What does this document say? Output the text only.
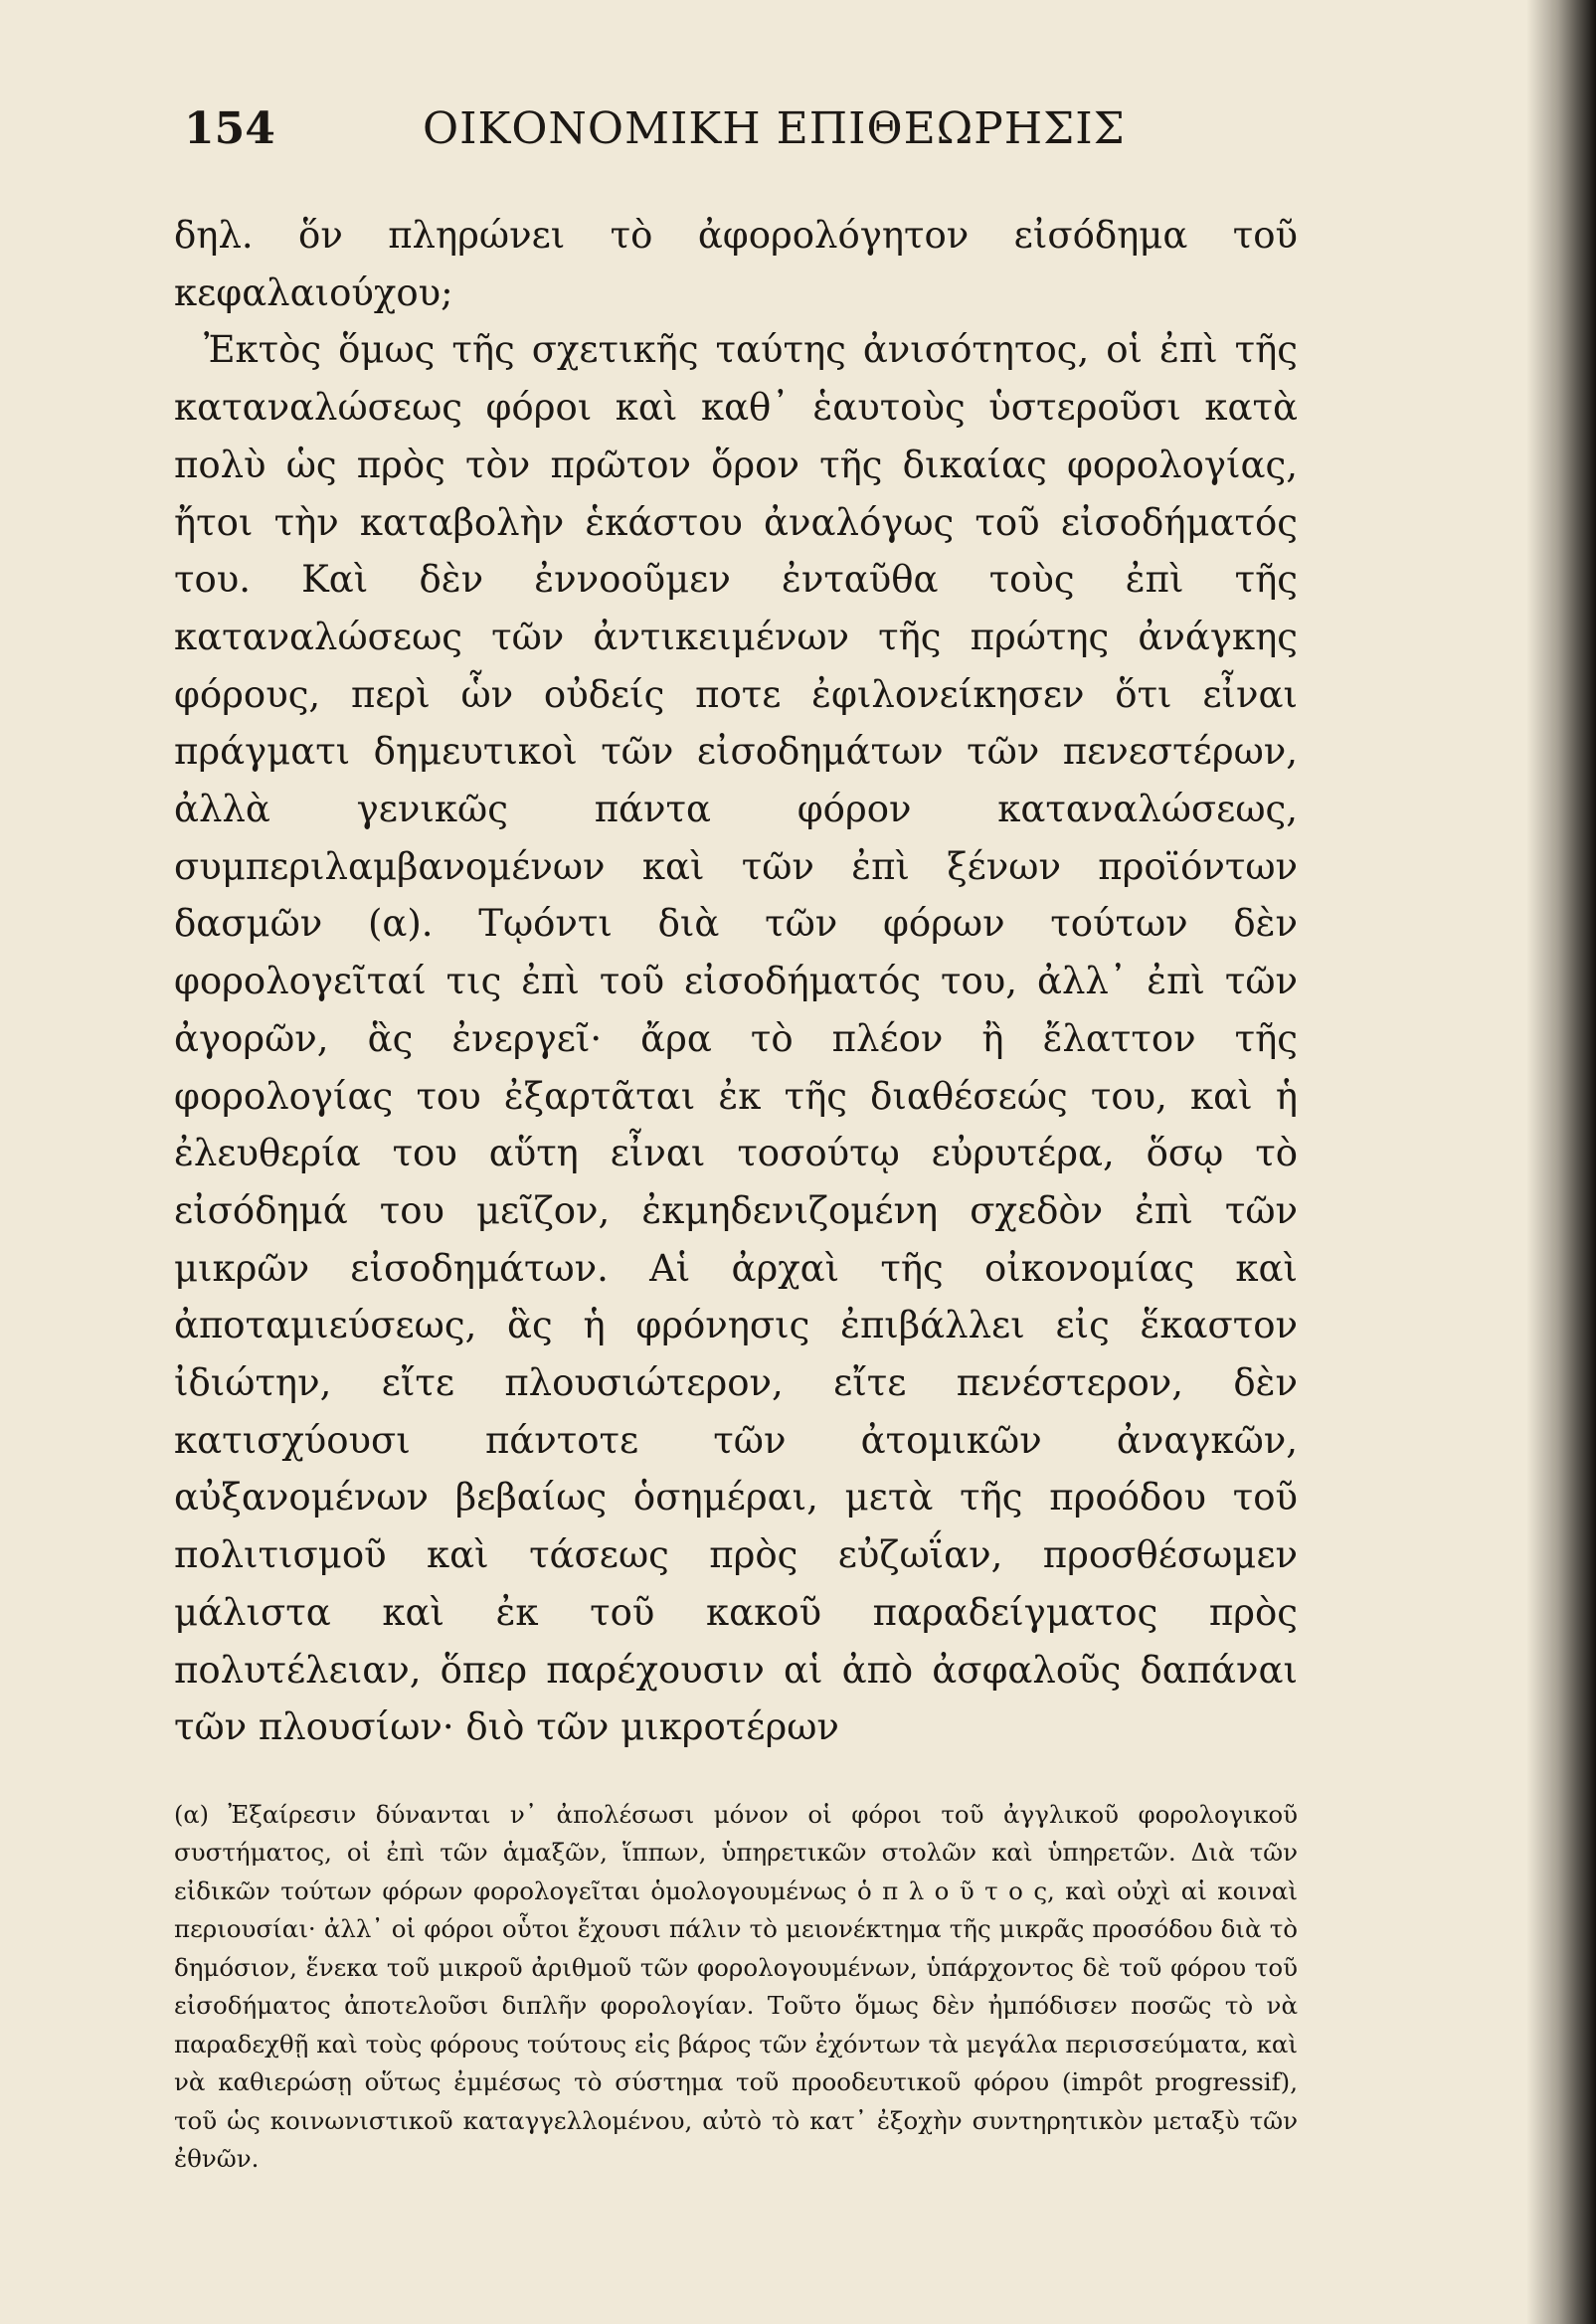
154	ΟΙΚΟΝΟΜΙΚΗ ΕΠΙΘΕΩΡΗΣΙΣ

δηλ. ὅν πληρώνει τὸ ἀφορολόγητον εἰσόδημα τοῦ κεφαλαιούχου;

Ἐκτὸς ὅμως τῆς σχετικῆς ταύτης ἀνισότητος, οἱ ἐπὶ τῆς καταναλώσεως φόροι καὶ καθ᾽ ἑαυτοὺς ὑστεροῦσι κατὰ πολὺ ὡς πρὸς τὸν πρῶτον ὅρον τῆς δικαίας φορολογίας, ἤτοι τὴν καταβολὴν ἑκάστου ἀναλόγως τοῦ εἰσοδήματός του. Καὶ δὲν ἐννοοῦμεν ἐνταῦθα τοὺς ἐπὶ τῆς καταναλώσεως τῶν ἀντικειμένων τῆς πρώτης ἀνάγκης φόρους, περὶ ὧν οὐδείς ποτε ἐφιλονείκησεν ὅτι εἶναι πράγματι δημευτικοὶ τῶν εἰσοδημάτων τῶν πενεστέρων, ἀλλὰ γενικῶς πάντα φόρον καταναλώσεως, συμπεριλαμβανομένων καὶ τῶν ἐπὶ ξένων προϊόντων δασμῶν (α). Τῳόντι διὰ τῶν φόρων τούτων δὲν φορολογεῖταί τις ἐπὶ τοῦ εἰσοδήματός του, ἀλλ᾽ ἐπὶ τῶν ἀγορῶν, ἃς ἐνεργεῖ· ἄρα τὸ πλέον ἢ ἔλαττον τῆς φορολογίας του ἐξαρτᾶται ἐκ τῆς διαθέσεώς του, καὶ ἡ ἐλευθερία του αὕτη εἶναι τοσούτῳ εὐρυτέρα, ὅσῳ τὸ εἰσόδημά του μεῖζον, ἐκμηδενιζομένη σχεδὸν ἐπὶ τῶν μικρῶν εἰσοδημάτων. Αἱ ἀρχαὶ τῆς οἰκονομίας καὶ ἀποταμιεύσεως, ἃς ἡ φρόνησις ἐπιβάλλει εἰς ἕκαστον ἰδιώτην, εἴτε πλουσιώτερον, εἴτε πενέστερον, δὲν κατισχύουσι πάντοτε τῶν ἀτομικῶν ἀναγκῶν, αὐξανομένων βεβαίως ὁσημέραι, μετὰ τῆς προόδου τοῦ πολιτισμοῦ καὶ τάσεως πρὸς εὐζωΐαν, προσθέσωμεν μάλιστα καὶ ἐκ τοῦ κακοῦ παραδείγματος πρὸς πολυτέλειαν, ὅπερ παρέχουσιν αἱ ἀπὸ ἀσφαλοῦς δαπάναι τῶν πλουσίων· διὸ τῶν μικροτέρων

(α) Ἐξαίρεσιν δύνανται ν᾽ ἀπολέσωσι μόνον οἱ φόροι τοῦ ἀγγλικοῦ φορολογικοῦ συστήματος, οἱ ἐπὶ τῶν ἁμαξῶν, ἵππων, ὑπηρετικῶν στολῶν καὶ ὑπηρετῶν. Διὰ τῶν εἰδικῶν τούτων φόρων φορολογεῖται ὁμολογουμένως ὁ π λ ο ῦ τ ο ς, καὶ οὐχὶ αἱ κοιναὶ περιουσίαι· ἀλλ᾽ οἱ φόροι οὗτοι ἔχουσι πάλιν τὸ μειονέκτημα τῆς μικρᾶς προσόδου διὰ τὸ δημόσιον, ἕνεκα τοῦ μικροῦ ἀριθμοῦ τῶν φορολογουμένων, ὑπάρχοντος δὲ τοῦ φόρου τοῦ εἰσοδήματος ἀποτελοῦσι διπλῆν φορολογίαν. Τοῦτο ὅμως δὲν ἠμπόδισεν ποσῶς τὸ νὰ παραδεχθῇ καὶ τοὺς φόρους τούτους εἰς βάρος τῶν ἐχόντων τὰ μεγάλα περισσεύματα, καὶ νὰ καθιερώσῃ οὕτως ἐμμέσως τὸ σύστημα τοῦ προοδευτικοῦ φόρου (impôt progressif), τοῦ ὡς κοινωνιστικοῦ καταγγελλομένου, αὐτὸ τὸ κατ᾽ ἐξοχὴν συντηρητικὸν μεταξὺ τῶν ἐθνῶν.
